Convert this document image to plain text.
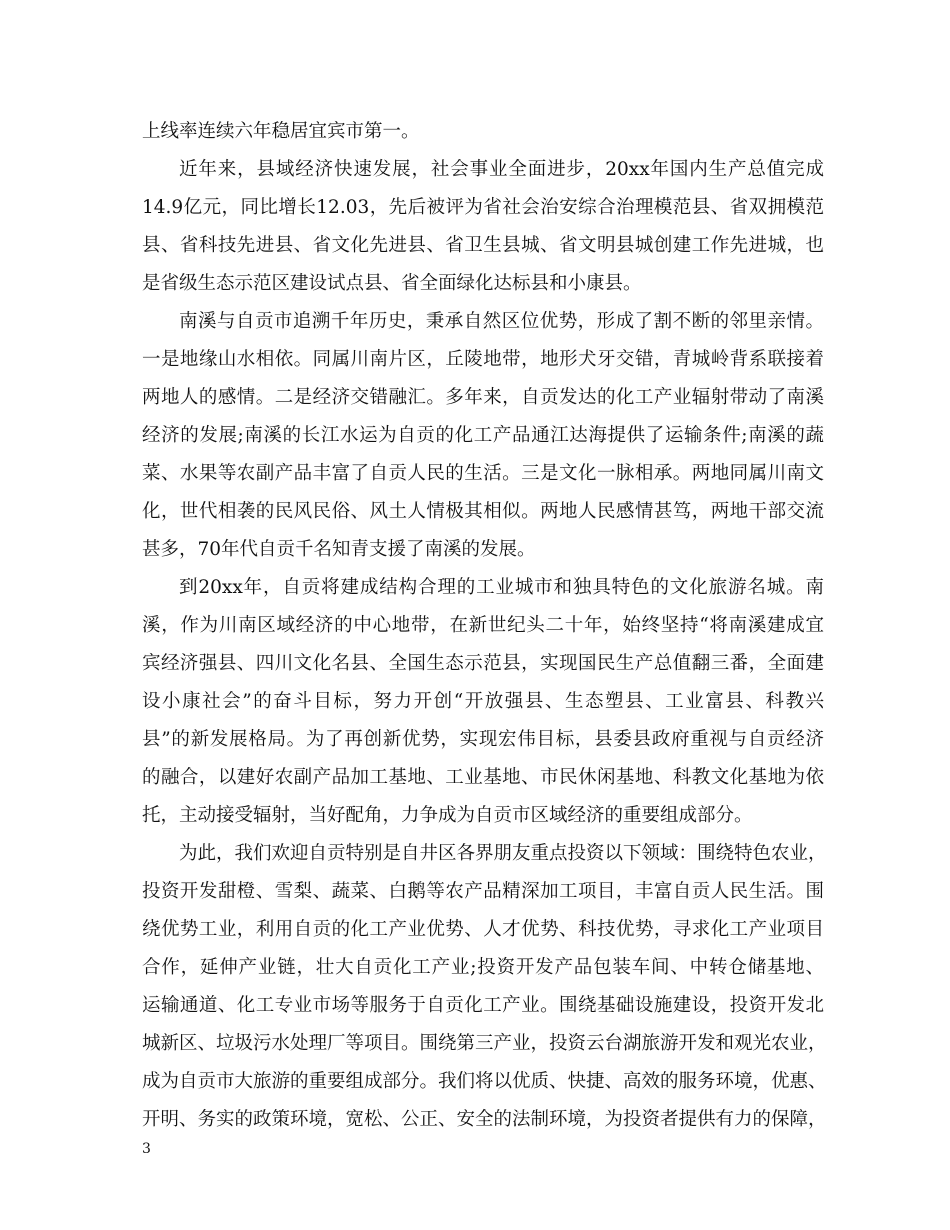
上线率连续六年稳居宜宾市第一。
近年来，县域经济快速发展，社会事业全面进步，20xx年国内生产总值完成
14.9亿元，同比增长12.03，先后被评为省社会治安综合治理模范县、省双拥模范
县、省科技先进县、省文化先进县、省卫生县城、省文明县城创建工作先进城，也
是省级生态示范区建设试点县、省全面绿化达标县和小康县。
南溪与自贡市追溯千年历史，秉承自然区位优势，形成了割不断的邻里亲情。
一是地缘山水相依。同属川南片区，丘陵地带，地形犬牙交错，青城岭背系联接着
两地人的感情。二是经济交错融汇。多年来，自贡发达的化工产业辐射带动了南溪
经济的发展;南溪的长江水运为自贡的化工产品通江达海提供了运输条件;南溪的蔬
菜、水果等农副产品丰富了自贡人民的生活。三是文化一脉相承。两地同属川南文
化，世代相袭的民风民俗、风土人情极其相似。两地人民感情甚笃，两地干部交流
甚多，70年代自贡千名知青支援了南溪的发展。
到20xx年，自贡将建成结构合理的工业城市和独具特色的文化旅游名城。南
溪，作为川南区域经济的中心地带，在新世纪头二十年，始终坚持“将南溪建成宜
宾经济强县、四川文化名县、全国生态示范县，实现国民生产总值翻三番，全面建
设小康社会”的奋斗目标，努力开创“开放强县、生态塑县、工业富县、科教兴
县”的新发展格局。为了再创新优势，实现宏伟目标，县委县政府重视与自贡经济
的融合，以建好农副产品加工基地、工业基地、市民休闲基地、科教文化基地为依
托，主动接受辐射，当好配角，力争成为自贡市区域经济的重要组成部分。
为此，我们欢迎自贡特别是自井区各界朋友重点投资以下领域：围绕特色农业，
投资开发甜橙、雪梨、蔬菜、白鹅等农产品精深加工项目，丰富自贡人民生活。围
绕优势工业，利用自贡的化工产业优势、人才优势、科技优势，寻求化工产业项目
合作，延伸产业链，壮大自贡化工产业;投资开发产品包装车间、中转仓储基地、
运输通道、化工专业市场等服务于自贡化工产业。围绕基础设施建设，投资开发北
城新区、垃圾污水处理厂等项目。围绕第三产业，投资云台湖旅游开发和观光农业，
成为自贡市大旅游的重要组成部分。我们将以优质、快捷、高效的服务环境，优惠、
开明、务实的政策环境，宽松、公正、安全的法制环境，为投资者提供有力的保障，
3
